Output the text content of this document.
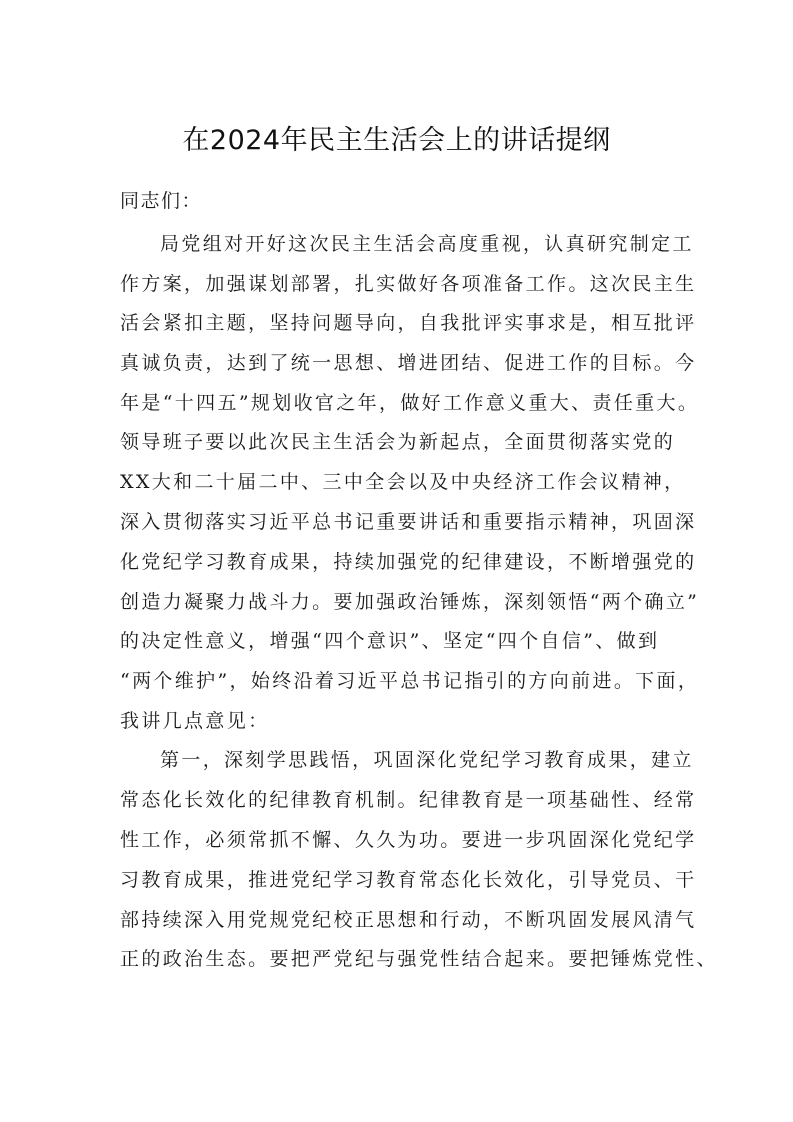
在2024年民主生活会上的讲话提纲
同志们：
局党组对开好这次民主生活会高度重视，认真研究制定工
作方案，加强谋划部署，扎实做好各项准备工作。这次民主生
活会紧扣主题，坚持问题导向，自我批评实事求是，相互批评
真诚负责，达到了统一思想、增进团结、促进工作的目标。今
年是“十四五”规划收官之年，做好工作意义重大、责任重大。
领导班子要以此次民主生活会为新起点，全面贯彻落实党的
XX大和二十届二中、三中全会以及中央经济工作会议精神，
深入贯彻落实习近平总书记重要讲话和重要指示精神，巩固深
化党纪学习教育成果，持续加强党的纪律建设，不断增强党的
创造力凝聚力战斗力。要加强政治锤炼，深刻领悟“两个确立”
的决定性意义，增强“四个意识”、坚定“四个自信”、做到
“两个维护”，始终沿着习近平总书记指引的方向前进。下面，
我讲几点意见：
第一，深刻学思践悟，巩固深化党纪学习教育成果，建立
常态化长效化的纪律教育机制。纪律教育是一项基础性、经常
性工作，必须常抓不懈、久久为功。要进一步巩固深化党纪学
习教育成果，推进党纪学习教育常态化长效化，引导党员、干
部持续深入用党规党纪校正思想和行动，不断巩固发展风清气
正的政治生态。要把严党纪与强党性结合起来。要把锤炼党性、
